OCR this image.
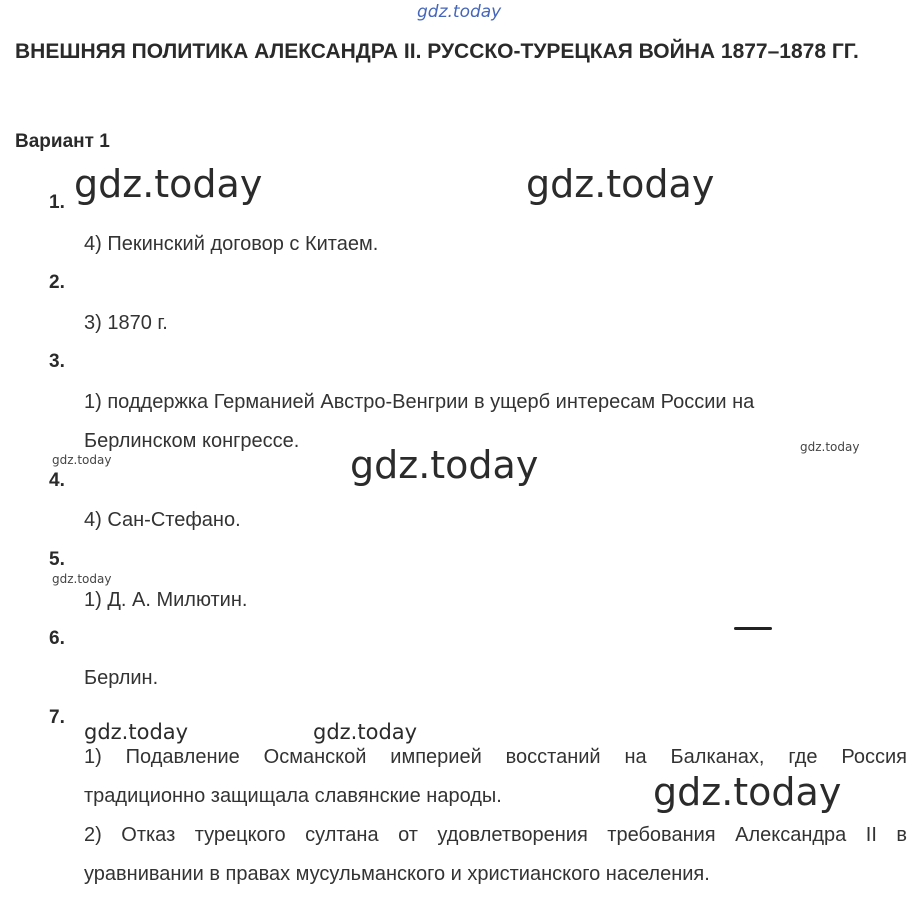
gdz.today
ВНЕШНЯЯ ПОЛИТИКА АЛЕКСАНДРА II. РУССКО-ТУРЕЦКАЯ ВОЙНА 1877–1878 ГГ.
Вариант 1
1.
4) Пекинский договор с Китаем.
2.
3) 1870 г.
3.
1) поддержка Германией Австро-Венгрии в ущерб интересам России на
Берлинском конгрессе.
4.
4) Сан-Стефано.
5.
1) Д. А. Милютин.
6.
Берлин.
7.
1) Подавление Османской империей восстаний на Балканах, где Россия
традиционно защищала славянские народы.
2) Отказ турецкого султана от удовлетворения требования Александра II в
уравнивании в правах мусульманского и христианского населения.
gdz.today	gdz.today
gdz.today
gdz.today
gdz.today
gdz.today
gdz.today	gdz.today
gdz.today
